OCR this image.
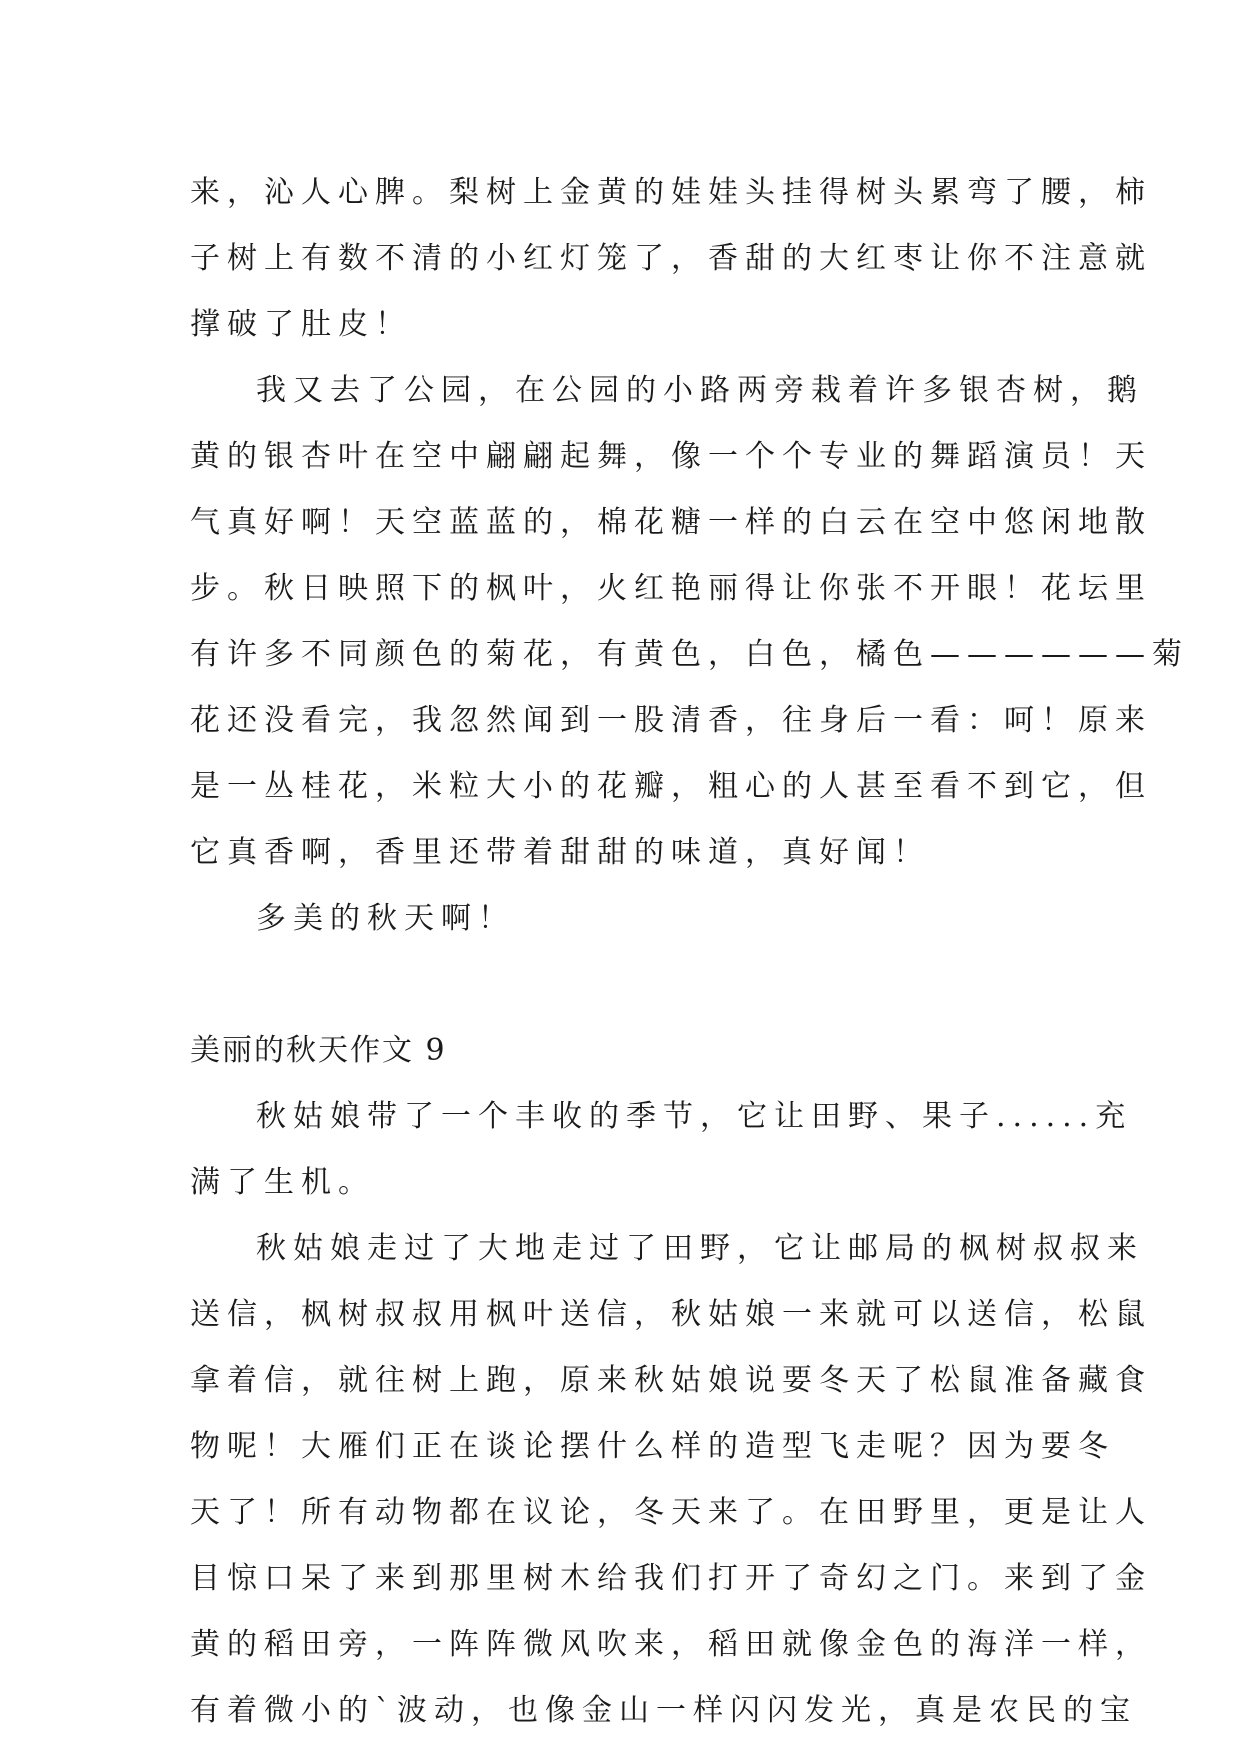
来，沁人心脾。梨树上金黄的娃娃头挂得树头累弯了腰，柿
子树上有数不清的小红灯笼了，香甜的大红枣让你不注意就
撑破了肚皮！
我又去了公园，在公园的小路两旁栽着许多银杏树，鹅
黄的银杏叶在空中翩翩起舞，像一个个专业的舞蹈演员！天
气真好啊！天空蓝蓝的，棉花糖一样的白云在空中悠闲地散
步。秋日映照下的枫叶，火红艳丽得让你张不开眼！花坛里
有许多不同颜色的菊花，有黄色，白色，橘色——————菊
花还没看完，我忽然闻到一股清香，往身后一看：呵！原来
是一丛桂花，米粒大小的花瓣，粗心的人甚至看不到它，但
它真香啊，香里还带着甜甜的味道，真好闻！
多美的秋天啊！
美丽的秋天作文 9
秋姑娘带了一个丰收的季节，它让田野、果子......充
满了生机。
秋姑娘走过了大地走过了田野，它让邮局的枫树叔叔来
送信，枫树叔叔用枫叶送信，秋姑娘一来就可以送信，松鼠
拿着信，就往树上跑，原来秋姑娘说要冬天了松鼠准备藏食
物呢！大雁们正在谈论摆什么样的造型飞走呢？因为要冬
天了！所有动物都在议论，冬天来了。在田野里，更是让人
目惊口呆了来到那里树木给我们打开了奇幻之门。来到了金
黄的稻田旁，一阵阵微风吹来，稻田就像金色的海洋一样，
有着微小的`波动，也像金山一样闪闪发光，真是农民的宝
